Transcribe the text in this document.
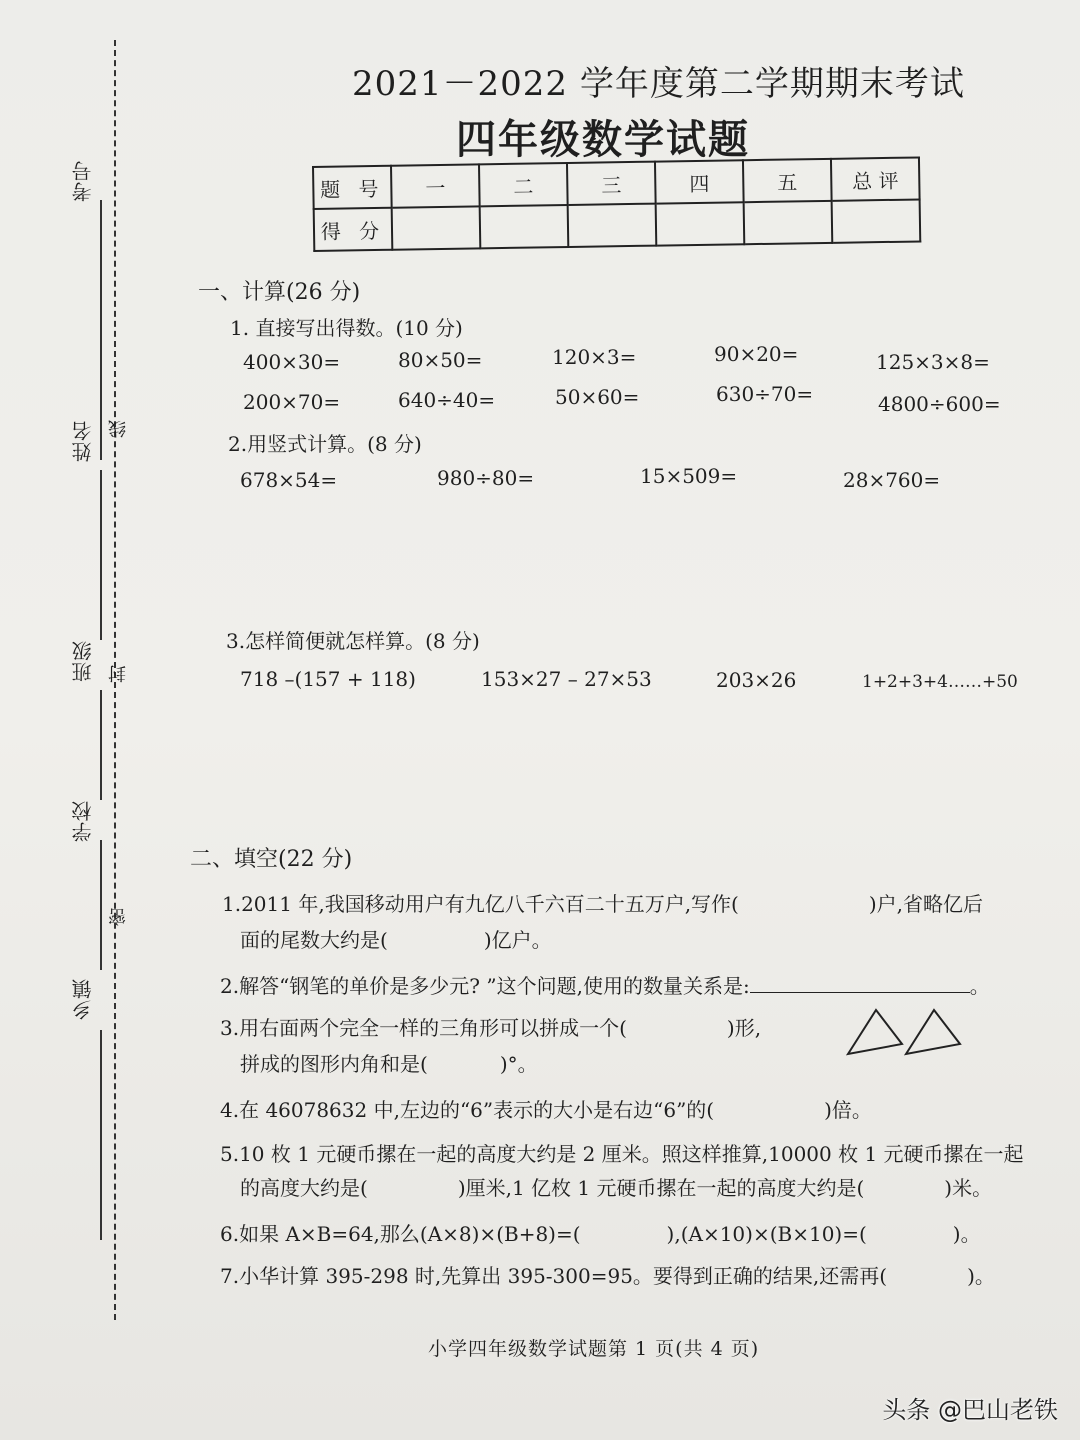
考号
姓名
班级
学校
乡镇
线
封
密
2021－2022 学年度第二学期期末考试
四年级数学试题
题 号	一	二	三	四	五	总 评
得 分						
一、计算(26 分)
1. 直接写出得数。(10 分)
400×30=	80×50=	120×3=	90×20=	125×3×8=
200×70=	640÷40=	50×60=	630÷70=	4800÷600=
2.用竖式计算。(8 分)
678×54=	980÷80=	15×509=	28×760=
3.怎样简便就怎样算。(8 分)
718 –(157 + 118)	153×27 – 27×53	203×26	1+2+3+4……+50
二、填空(22 分)
1.2011 年,我国移动用户有九亿八千六百二十五万户,写作(	)户,省略亿后
面的尾数大约是(	)亿户。
2.解答“钢笔的单价是多少元? ”这个问题,使用的数量关系是:	。
3.用右面两个完全一样的三角形可以拼成一个(	)形,
拼成的图形内角和是(	)°。
4.在 46078632 中,左边的“6”表示的大小是右边“6”的(	)倍。
5.10 枚 1 元硬币摞在一起的高度大约是 2 厘米。照这样推算,10000 枚 1 元硬币摞在一起
的高度大约是(	)厘米,1 亿枚 1 元硬币摞在一起的高度大约是(	)米。
6.如果 A×B=64,那么(A×8)×(B+8)=(	),(A×10)×(B×10)=(	)。
7.小华计算 395-298 时,先算出 395-300=95。要得到正确的结果,还需再(	)。
小学四年级数学试题第 1 页(共 4 页)
头条 @巴山老铁
